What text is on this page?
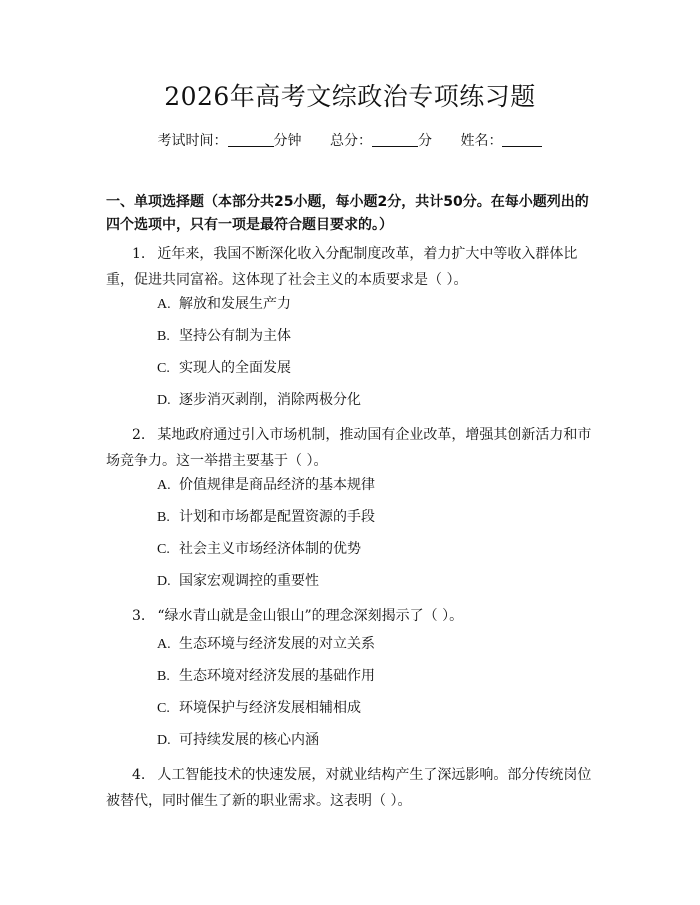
2026年高考文综政治专项练习题
考试时间：	分钟 总分：	分 姓名：
一、单项选择题（本部分共25小题，每小题2分，共计50分。在每小题列出的四个选项中，只有一项是最符合题目要求的。）
1. 近年来，我国不断深化收入分配制度改革，着力扩大中等收入群体比重，促进共同富裕。这体现了社会主义的本质要求是（ ）。
A. 解放和发展生产力
B. 坚持公有制为主体
C. 实现人的全面发展
D. 逐步消灭剥削，消除两极分化
2. 某地政府通过引入市场机制，推动国有企业改革，增强其创新活力和市场竞争力。这一举措主要基于（ ）。
A. 价值规律是商品经济的基本规律
B. 计划和市场都是配置资源的手段
C. 社会主义市场经济体制的优势
D. 国家宏观调控的重要性
3. “绿水青山就是金山银山”的理念深刻揭示了（ ）。
A. 生态环境与经济发展的对立关系
B. 生态环境对经济发展的基础作用
C. 环境保护与经济发展相辅相成
D. 可持续发展的核心内涵
4. 人工智能技术的快速发展，对就业结构产生了深远影响。部分传统岗位被替代，同时催生了新的职业需求。这表明（ ）。
